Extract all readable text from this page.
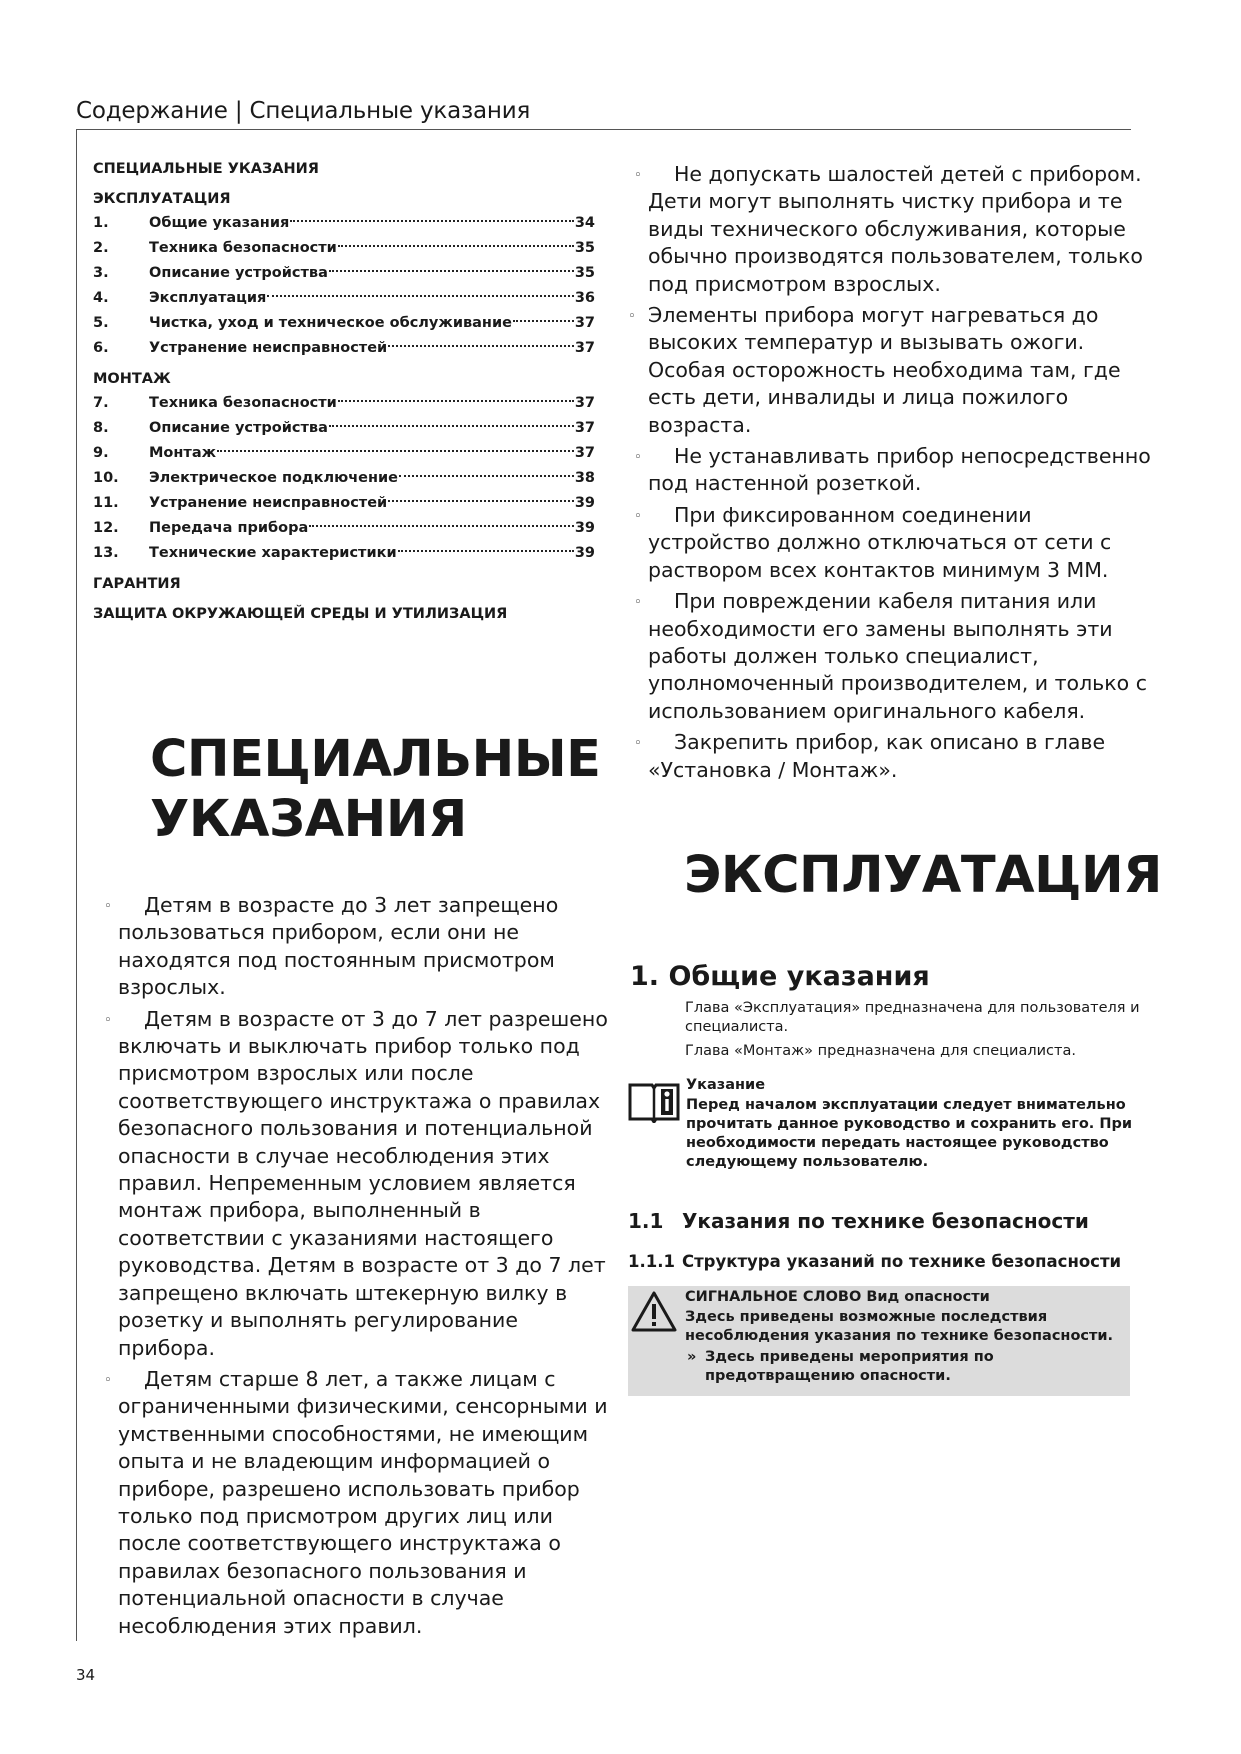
Содержание | Специальные указания
СПЕЦИАЛЬНЫЕ УКАЗАНИЯ
ЭКСПЛУАТАЦИЯ
1.	Общие указания	34
2.	Техника безопасности	35
3.	Описание устройства	35
4.	Эксплуатация	36
5.	Чистка, уход и техническое обслуживание	37
6.	Устранение неисправностей	37
МОНТАЖ
7.	Техника безопасности	37
8.	Описание устройства	37
9.	Монтаж	37
10.	Электрическое подключение	38
11.	Устранение неисправностей	39
12.	Передача прибора	39
13.	Технические характеристики	39
ГАРАНТИЯ
ЗАЩИТА ОКРУЖАЮЩЕЙ СРЕДЫ И УТИЛИЗАЦИЯ
СПЕЦИАЛЬНЫЕ
УКАЗАНИЯ
◦	Детям в возрасте до 3 лет запрещено пользоваться прибором, если они не находятся под постоянным присмотром взрослых.
◦	Детям в возрасте от 3 до 7 лет разрешено включать и выключать прибор только под присмотром взрослых или после соответствующего инструктажа о правилах безопасного пользования и потенциальной опасности в случае несоблюдения этих правил. Непременным условием является монтаж прибора, выполненный в соответствии с указаниями настоящего руководства. Детям в возрасте от 3 до 7 лет запрещено включать штекерную вилку в розетку и выполнять регулирование прибора.
◦	Детям старше 8 лет, а также лицам с ограниченными физическими, сенсорными и умственными способностями, не имеющим опыта и не владеющим информацией о приборе, разрешено использовать прибор только под присмотром других лиц или после соответствующего инструктажа о правилах безопасного пользования и потенциальной опасности в случае несоблюдения этих правил.
◦	Не допускать шалостей детей с прибором. Дети могут выполнять чистку прибора и те виды технического обслуживания, которые обычно производятся пользователем, только под присмотром взрослых.
◦ Элементы прибора могут нагреваться до высоких температур и вызывать ожоги. Особая осторожность необходима там, где есть дети, инвалиды и лица пожилого возраста.
◦	Не устанавливать прибор непосредственно под настенной розеткой.
◦	При фиксированном соединении устройство должно отключаться от сети с раствором всех контактов минимум 3 ММ.
◦	При повреждении кабеля питания или необходимости его замены выполнять эти работы должен только специалист, уполномоченный производителем, и только с использованием оригинального кабеля.
◦	Закрепить прибор, как описано в главе «Установка / Монтаж».
ЭКСПЛУАТАЦИЯ
1. Общие указания

Глава «Эксплуатация» предназначена для пользователя и специалиста.

Глава «Монтаж» предназначена для специалиста.

Указание

Перед началом эксплуатации следует внимательно прочитать данное руководство и сохранить его. При необходимости передать настоящее руководство следующему пользователю.

1.1 Указания по технике безопасности
1.1.1 Структура указаний по технике безопасности
СИГНАЛЬНОЕ СЛОВО Вид опасности

Здесь приведены возможные последствия несоблюдения указания по технике безопасности.

» Здесь приведены мероприятия по предотвращению опасности.

34
